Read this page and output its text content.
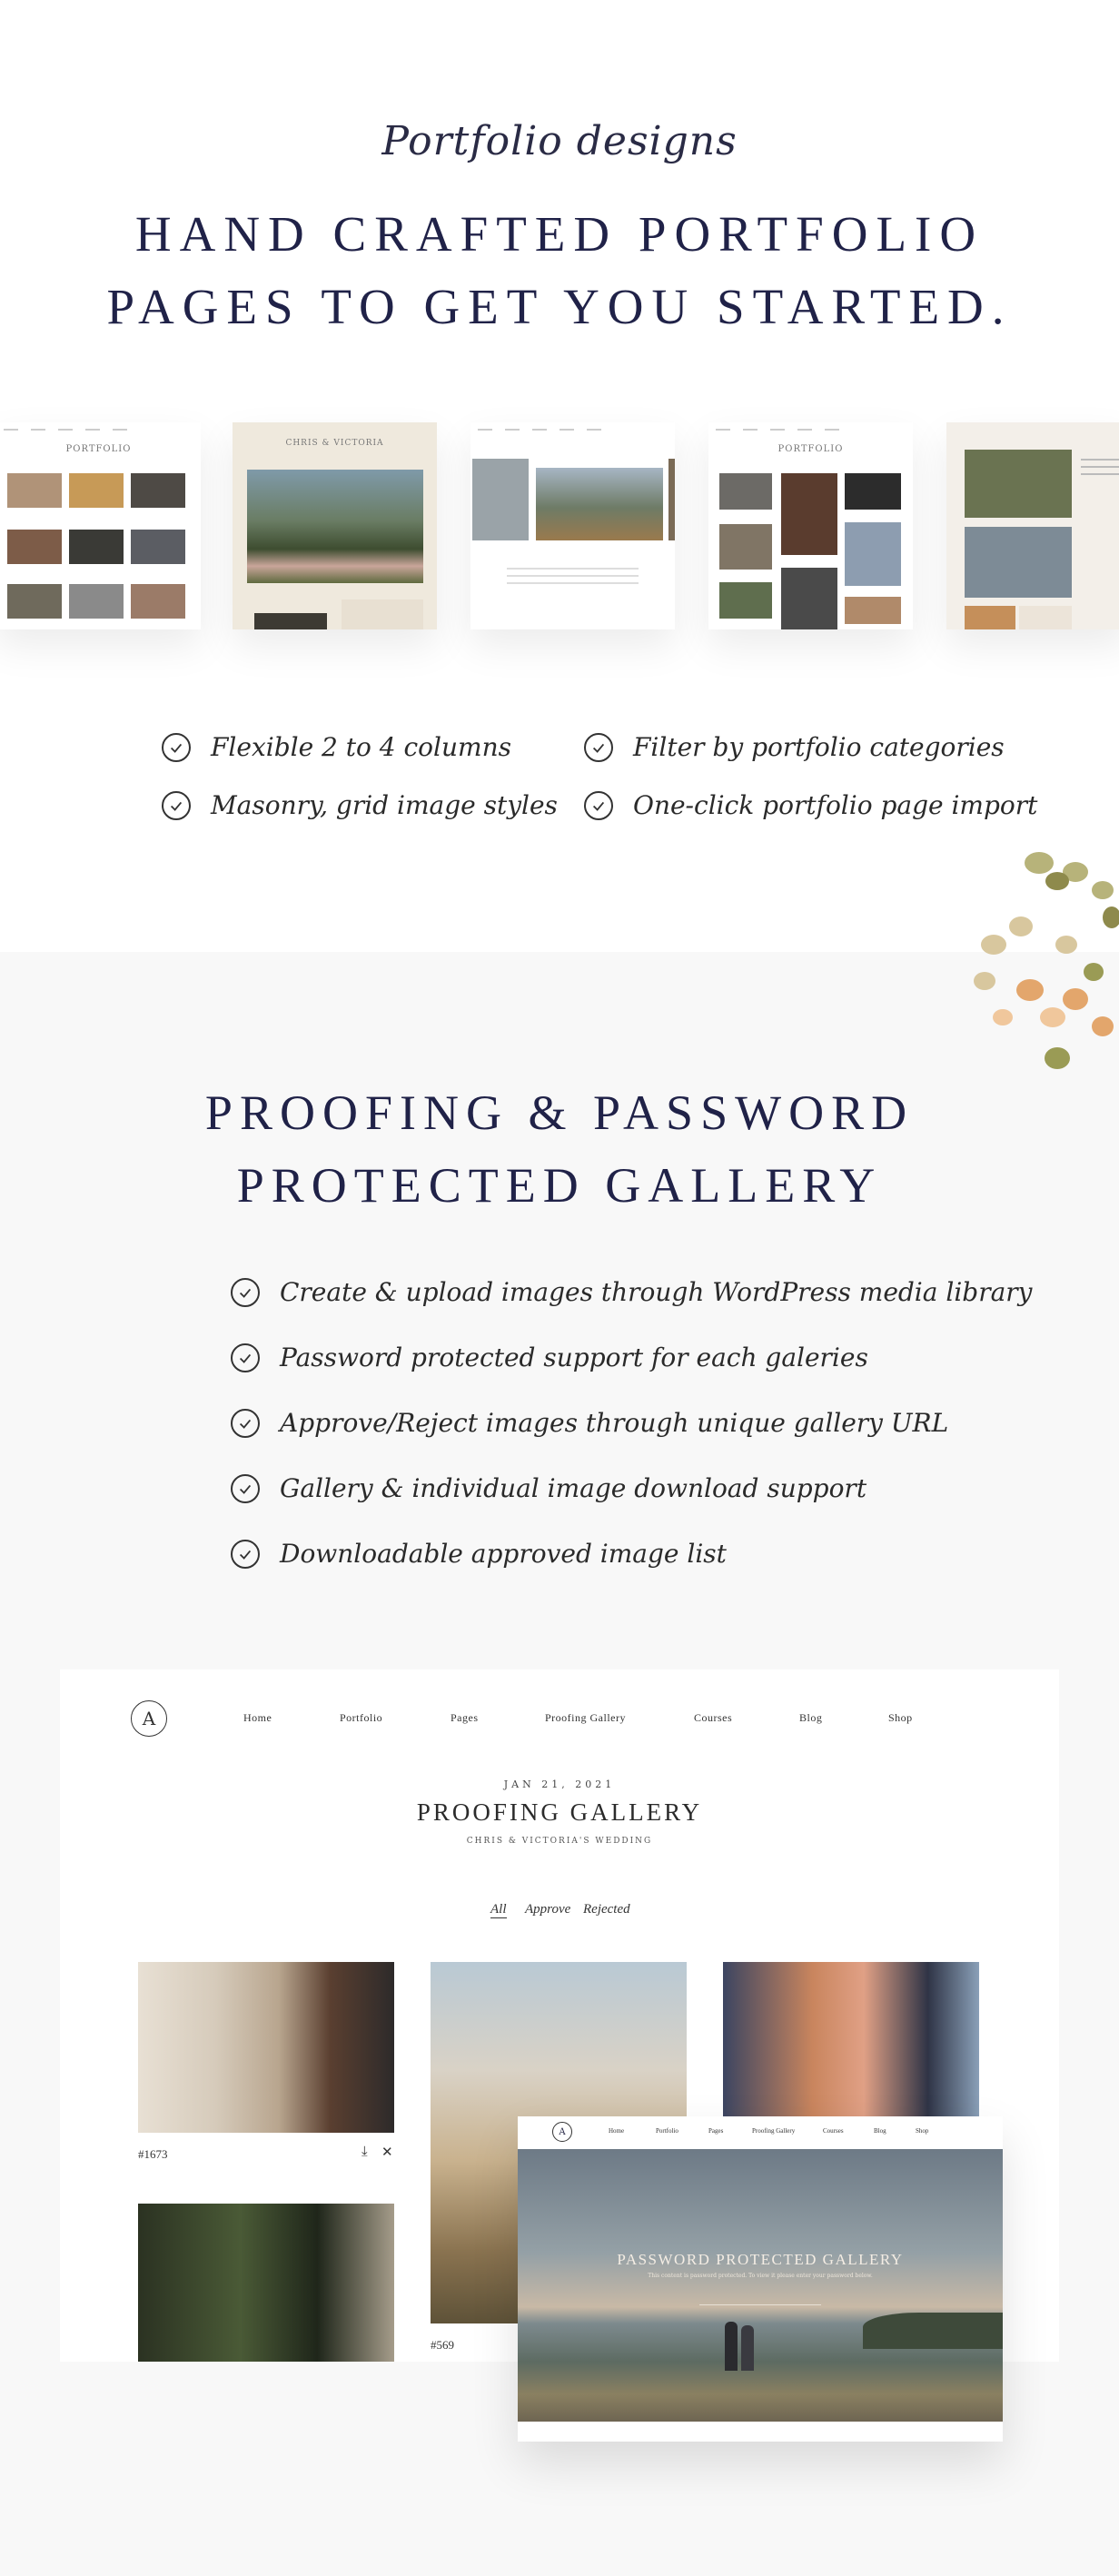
Portfolio designs
HAND CRAFTED PORTFOLIO
PAGES TO GET YOU STARTED.
PORTFOLIO
CHRIS & VICTORIA
PORTFOLIO
Flexible 2 to 4 columns
Masonry, grid image styles
Filter by portfolio categories
One-click portfolio page import
PROOFING & PASSWORD
PROTECTED GALLERY
Create & upload images through WordPress media library
Password protected support for each galeries
Approve/Reject images through unique gallery URL
Gallery & individual image download support
Downloadable approved image list
A	Home	Portfolio	Pages	Proofing Gallery	Courses	Blog	Shop
JAN 21, 2021
PROOFING GALLERY
CHRIS & VICTORIA'S WEDDING
All Approve Rejected
#1673	⤓ ✕
#569
A	Home	Portfolio	Pages	Proofing Gallery	Courses	Blog	Shop
PASSWORD PROTECTED GALLERY
This content is password protected. To view it please enter your password below.
